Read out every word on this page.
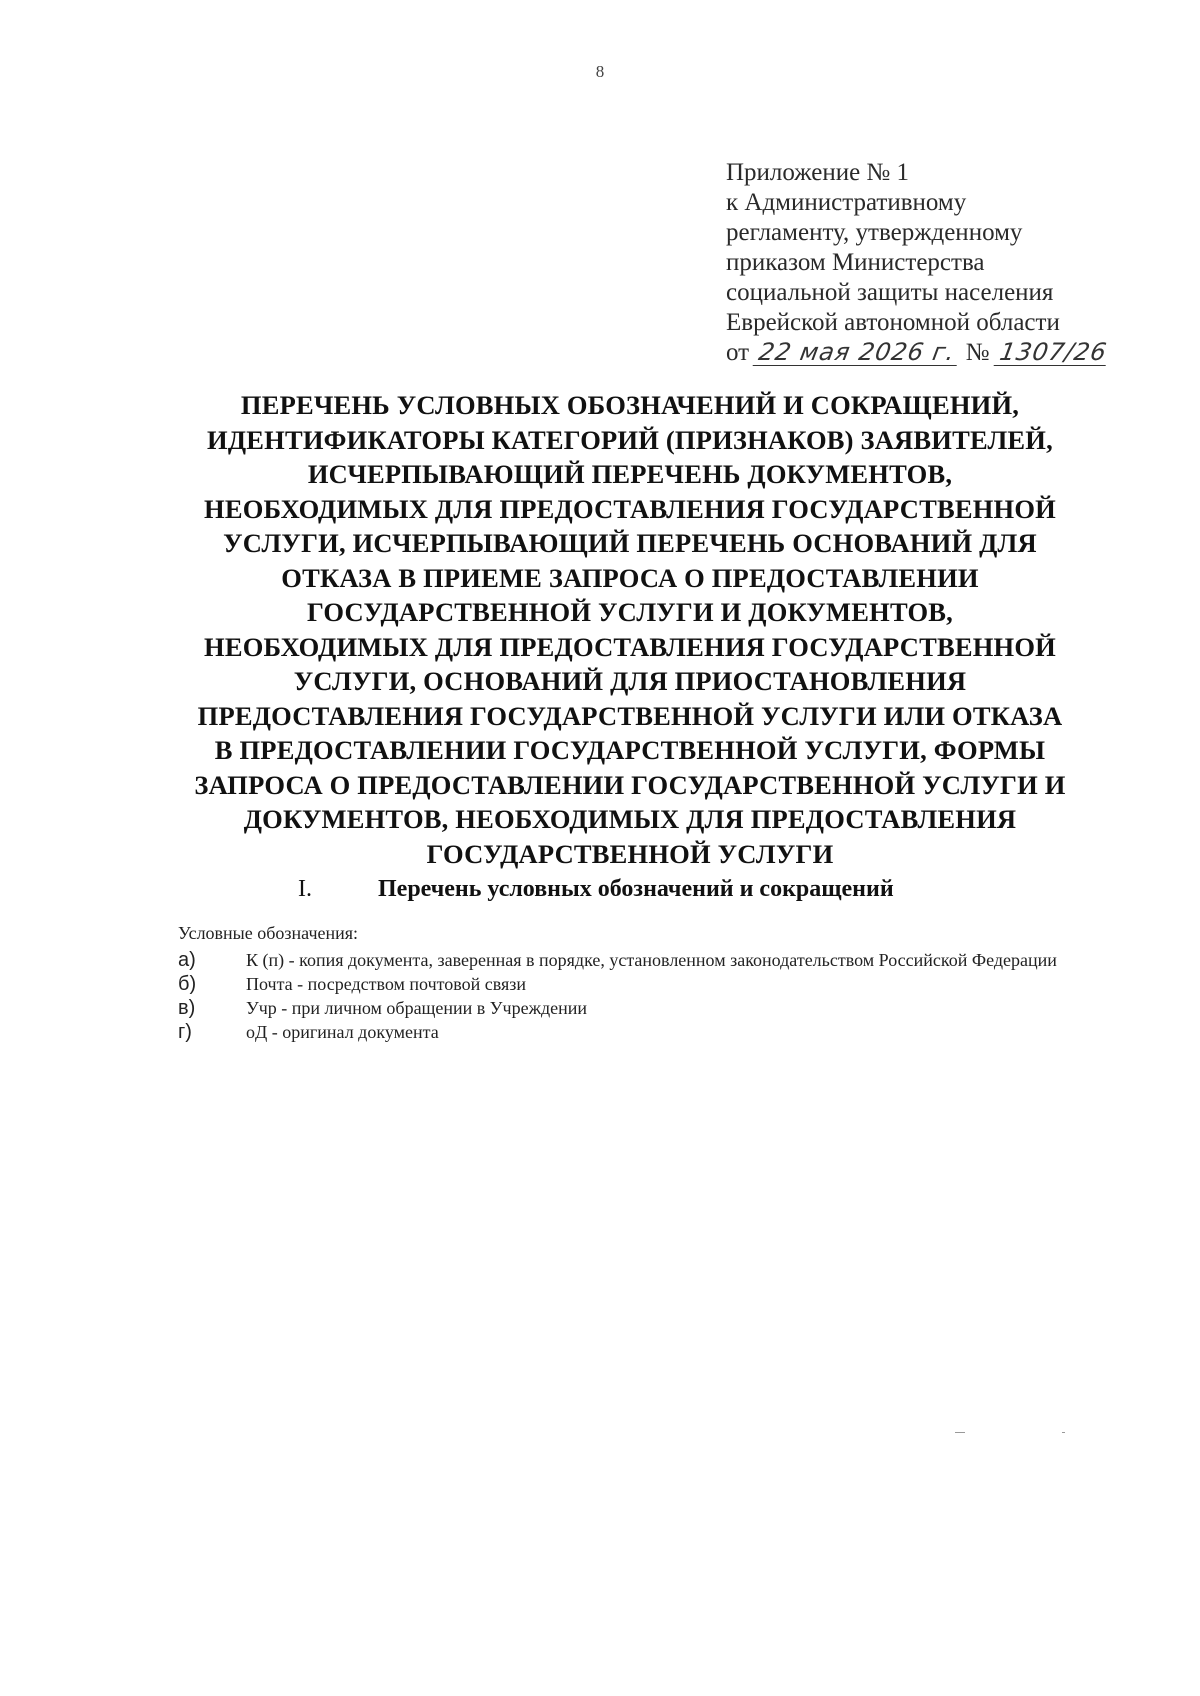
8
Приложение № 1
к Административному
регламенту, утвержденному
приказом Министерства
социальной защиты населения
Еврейской автономной области
от 22 мая 2026 г. № 1307/26
ПЕРЕЧЕНЬ УСЛОВНЫХ ОБОЗНАЧЕНИЙ И СОКРАЩЕНИЙ,
ИДЕНТИФИКАТОРЫ КАТЕГОРИЙ (ПРИЗНАКОВ) ЗАЯВИТЕЛЕЙ,
ИСЧЕРПЫВАЮЩИЙ ПЕРЕЧЕНЬ ДОКУМЕНТОВ,
НЕОБХОДИМЫХ ДЛЯ ПРЕДОСТАВЛЕНИЯ ГОСУДАРСТВЕННОЙ
УСЛУГИ, ИСЧЕРПЫВАЮЩИЙ ПЕРЕЧЕНЬ ОСНОВАНИЙ ДЛЯ
ОТКАЗА В ПРИЕМЕ ЗАПРОСА О ПРЕДОСТАВЛЕНИИ
ГОСУДАРСТВЕННОЙ УСЛУГИ И ДОКУМЕНТОВ,
НЕОБХОДИМЫХ ДЛЯ ПРЕДОСТАВЛЕНИЯ ГОСУДАРСТВЕННОЙ
УСЛУГИ, ОСНОВАНИЙ ДЛЯ ПРИОСТАНОВЛЕНИЯ
ПРЕДОСТАВЛЕНИЯ ГОСУДАРСТВЕННОЙ УСЛУГИ ИЛИ ОТКАЗА
В ПРЕДОСТАВЛЕНИИ ГОСУДАРСТВЕННОЙ УСЛУГИ, ФОРМЫ
ЗАПРОСА О ПРЕДОСТАВЛЕНИИ ГОСУДАРСТВЕННОЙ УСЛУГИ И
ДОКУМЕНТОВ, НЕОБХОДИМЫХ ДЛЯ ПРЕДОСТАВЛЕНИЯ
ГОСУДАРСТВЕННОЙ УСЛУГИ
I.	Перечень условных обозначений и сокращений
Условные обозначения:
а)	К (п) - копия документа, заверенная в порядке, установленном законодательством Российской Федерации
б)	Почта - посредством почтовой связи
в)	Учр - при личном обращении в Учреждении
г)	оД - оригинал документа
